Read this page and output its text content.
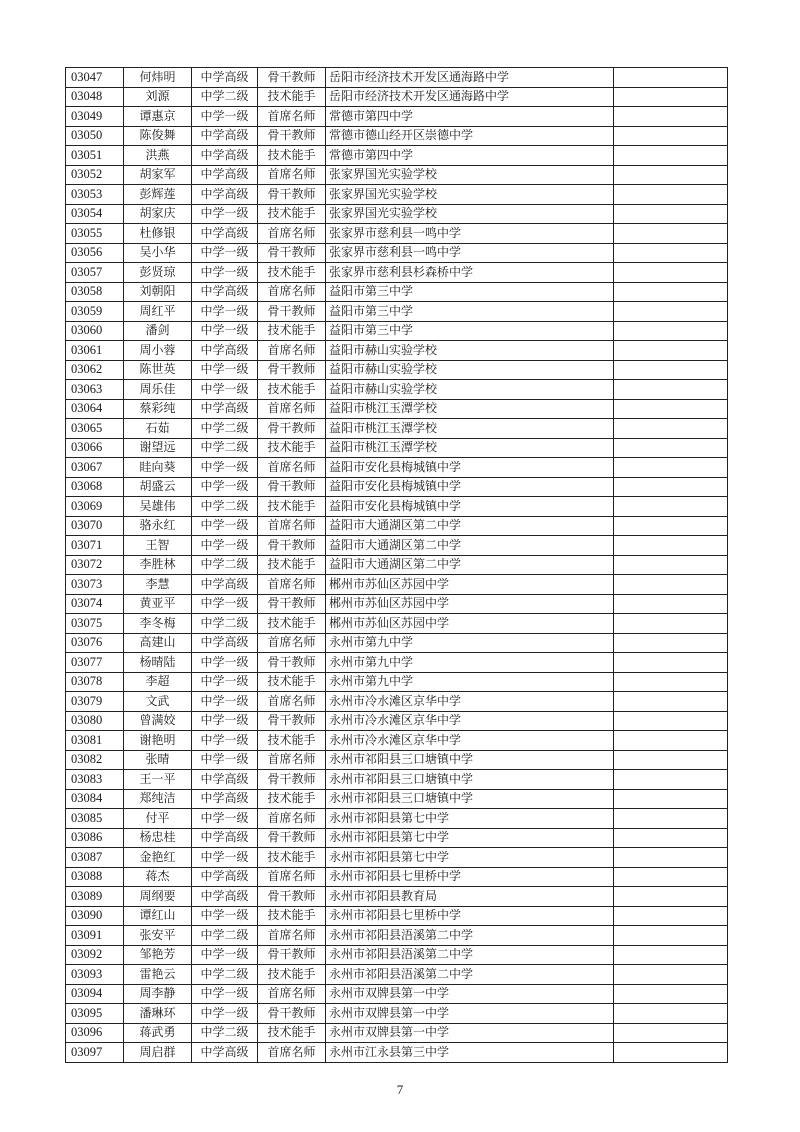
03047	何炜明	中学高级	骨干教师	岳阳市经济技术开发区通海路中学	
03048	刘源	中学二级	技术能手	岳阳市经济技术开发区通海路中学	
03049	谭惠京	中学一级	首席名师	常德市第四中学	
03050	陈俊舞	中学高级	骨干教师	常德市德山经开区崇德中学	
03051	洪燕	中学高级	技术能手	常德市第四中学	
03052	胡家军	中学高级	首席名师	张家界国光实验学校	
03053	彭辉莲	中学高级	骨干教师	张家界国光实验学校	
03054	胡家庆	中学一级	技术能手	张家界国光实验学校	
03055	杜修银	中学高级	首席名师	张家界市慈利县一鸣中学	
03056	吴小华	中学一级	骨干教师	张家界市慈利县一鸣中学	
03057	彭贤琼	中学一级	技术能手	张家界市慈利县杉森桥中学	
03058	刘朝阳	中学高级	首席名师	益阳市第三中学	
03059	周红平	中学一级	骨干教师	益阳市第三中学	
03060	潘剑	中学一级	技术能手	益阳市第三中学	
03061	周小蓉	中学高级	首席名师	益阳市赫山实验学校	
03062	陈世英	中学一级	骨干教师	益阳市赫山实验学校	
03063	周乐佳	中学一级	技术能手	益阳市赫山实验学校	
03064	蔡彩纯	中学高级	首席名师	益阳市桃江玉潭学校	
03065	石茹	中学二级	骨干教师	益阳市桃江玉潭学校	
03066	谢望远	中学二级	技术能手	益阳市桃江玉潭学校	
03067	眭向葵	中学一级	首席名师	益阳市安化县梅城镇中学	
03068	胡盛云	中学一级	骨干教师	益阳市安化县梅城镇中学	
03069	吴雄伟	中学二级	技术能手	益阳市安化县梅城镇中学	
03070	骆永红	中学一级	首席名师	益阳市大通湖区第二中学	
03071	王智	中学一级	骨干教师	益阳市大通湖区第二中学	
03072	李胜林	中学二级	技术能手	益阳市大通湖区第二中学	
03073	李慧	中学高级	首席名师	郴州市苏仙区苏园中学	
03074	黄亚平	中学一级	骨干教师	郴州市苏仙区苏园中学	
03075	李冬梅	中学二级	技术能手	郴州市苏仙区苏园中学	
03076	高建山	中学高级	首席名师	永州市第九中学	
03077	杨晴陆	中学一级	骨干教师	永州市第九中学	
03078	李超	中学一级	技术能手	永州市第九中学	
03079	文武	中学一级	首席名师	永州市冷水滩区京华中学	
03080	曾满姣	中学一级	骨干教师	永州市冷水滩区京华中学	
03081	谢艳明	中学一级	技术能手	永州市冷水滩区京华中学	
03082	张晴	中学一级	首席名师	永州市祁阳县三口塘镇中学	
03083	王一平	中学高级	骨干教师	永州市祁阳县三口塘镇中学	
03084	郑纯洁	中学高级	技术能手	永州市祁阳县三口塘镇中学	
03085	付平	中学一级	首席名师	永州市祁阳县第七中学	
03086	杨忠桂	中学高级	骨干教师	永州市祁阳县第七中学	
03087	金艳红	中学一级	技术能手	永州市祁阳县第七中学	
03088	蒋杰	中学高级	首席名师	永州市祁阳县七里桥中学	
03089	周纲要	中学高级	骨干教师	永州市祁阳县教育局	
03090	谭红山	中学一级	技术能手	永州市祁阳县七里桥中学	
03091	张安平	中学二级	首席名师	永州市祁阳县浯溪第二中学	
03092	邹艳芳	中学一级	骨干教师	永州市祁阳县浯溪第二中学	
03093	雷艳云	中学二级	技术能手	永州市祁阳县浯溪第二中学	
03094	周李静	中学一级	首席名师	永州市双牌县第一中学	
03095	潘琳环	中学一级	骨干教师	永州市双牌县第一中学	
03096	蒋武勇	中学二级	技术能手	永州市双牌县第一中学	
03097	周启群	中学高级	首席名师	永州市江永县第三中学	
7
